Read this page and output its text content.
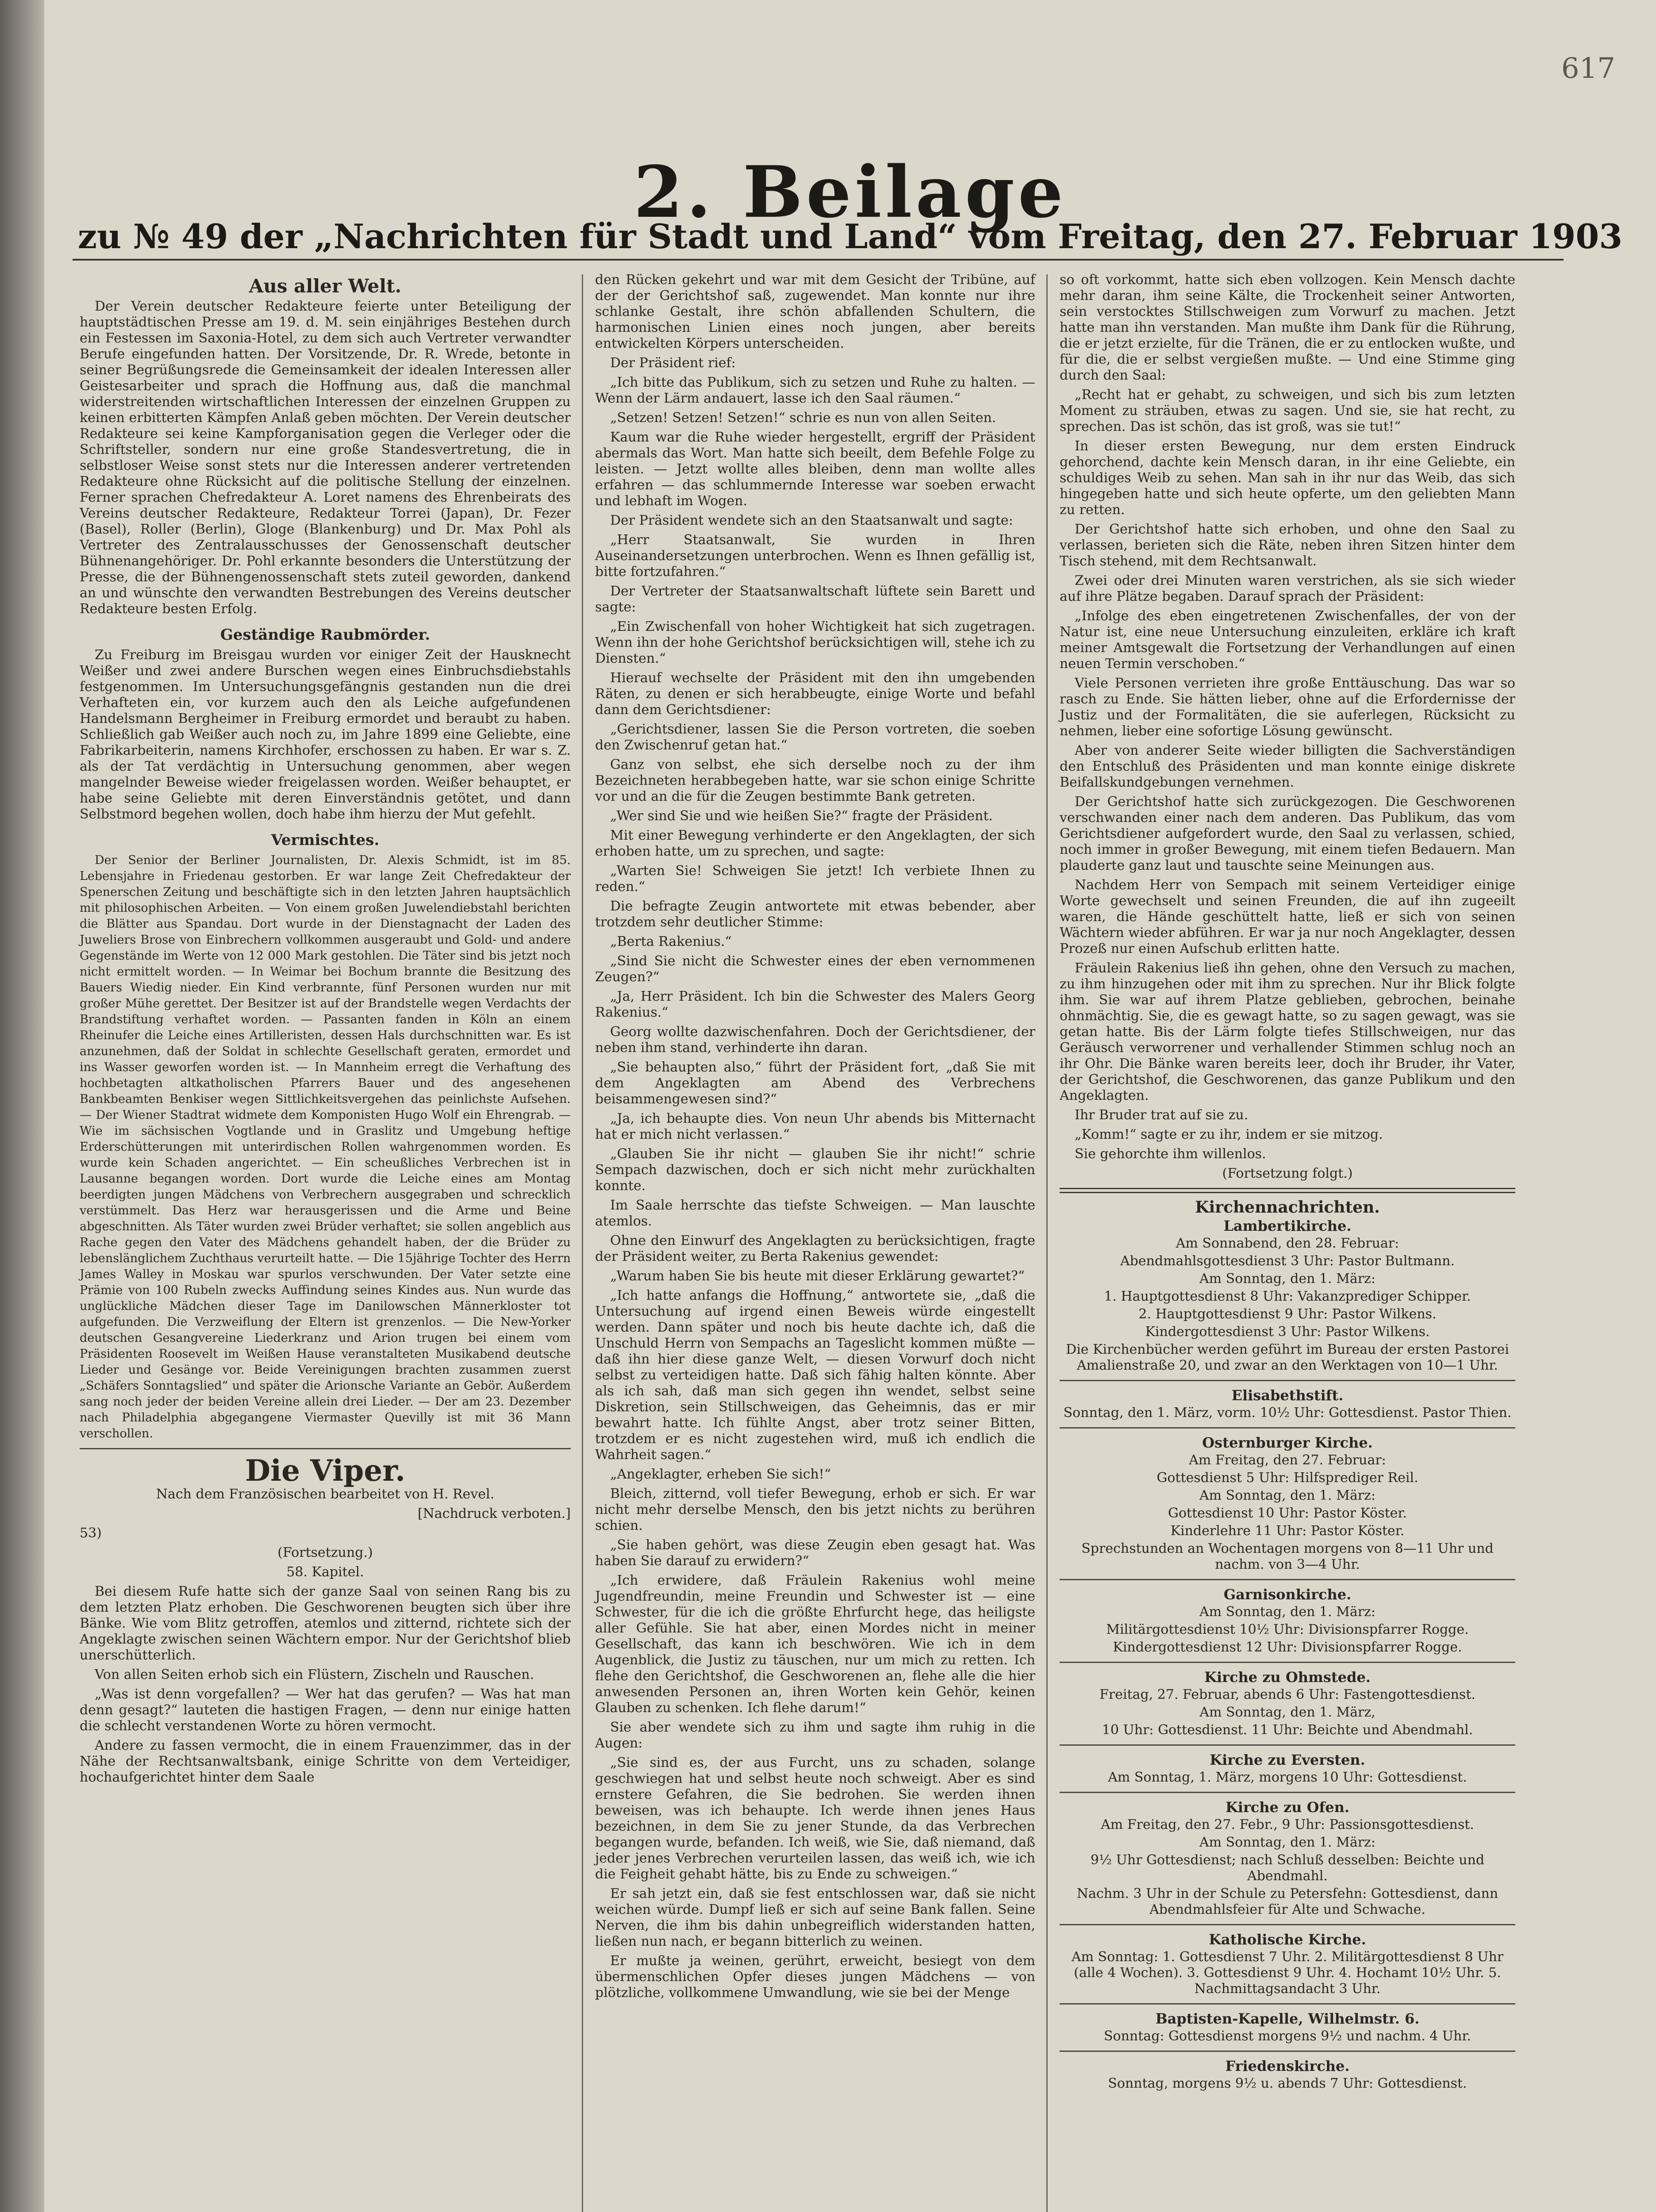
617
2. Beilage
zu № 49 der „Nachrichten für Stadt und Land“ vom Freitag, den 27. Februar 1903
Aus aller Welt.

Der Verein deutscher Redakteure feierte unter Beteiligung der hauptstädtischen Presse am 19. d. M. sein einjähriges Bestehen durch ein Festessen im Saxonia-Hotel, zu dem sich auch Vertreter verwandter Berufe eingefunden hatten. Der Vorsitzende, Dr. R. Wrede, betonte in seiner Begrüßungsrede die Gemeinsamkeit der idealen Interessen aller Geistesarbeiter und sprach die Hoffnung aus, daß die manchmal widerstreitenden wirtschaftlichen Interessen der einzelnen Gruppen zu keinen erbitterten Kämpfen Anlaß geben möchten. Der Verein deutscher Redakteure sei keine Kampforganisation gegen die Verleger oder die Schriftsteller, sondern nur eine große Standesvertretung, die in selbstloser Weise sonst stets nur die Interessen anderer vertretenden Redakteure ohne Rücksicht auf die politische Stellung der einzelnen. Ferner sprachen Chefredakteur A. Loret namens des Ehrenbeirats des Vereins deutscher Redakteure, Redakteur Torrei (Japan), Dr. Fezer (Basel), Roller (Berlin), Gloge (Blankenburg) und Dr. Max Pohl als Vertreter des Zentralausschusses der Genossenschaft deutscher Bühnenangehöriger. Dr. Pohl erkannte besonders die Unterstützung der Presse, die der Bühnengenossenschaft stets zuteil geworden, dankend an und wünschte den verwandten Bestrebungen des Vereins deutscher Redakteure besten Erfolg.

Geständige Raubmörder.

Zu Freiburg im Breisgau wurden vor einiger Zeit der Hausknecht Weißer und zwei andere Burschen wegen eines Einbruchsdiebstahls festgenommen. Im Untersuchungsgefängnis gestanden nun die drei Verhafteten ein, vor kurzem auch den als Leiche aufgefundenen Handelsmann Bergheimer in Freiburg ermordet und beraubt zu haben. Schließlich gab Weißer auch noch zu, im Jahre 1899 eine Geliebte, eine Fabrikarbeiterin, namens Kirchhofer, erschossen zu haben. Er war s. Z. als der Tat verdächtig in Untersuchung genommen, aber wegen mangelnder Beweise wieder freigelassen worden. Weißer behauptet, er habe seine Geliebte mit deren Einverständnis getötet, und dann Selbstmord begehen wollen, doch habe ihm hierzu der Mut gefehlt.

Vermischtes.

Der Senior der Berliner Journalisten, Dr. Alexis Schmidt, ist im 85. Lebensjahre in Friedenau gestorben. Er war lange Zeit Chefredakteur der Spenerschen Zeitung und beschäftigte sich in den letzten Jahren hauptsächlich mit philosophischen Arbeiten. — Von einem großen Juwelendiebstahl berichten die Blätter aus Spandau. Dort wurde in der Dienstagnacht der Laden des Juweliers Brose von Einbrechern vollkommen ausgeraubt und Gold- und andere Gegenstände im Werte von 12 000 Mark gestohlen. Die Täter sind bis jetzt noch nicht ermittelt worden. — In Weimar bei Bochum brannte die Besitzung des Bauers Wiedig nieder. Ein Kind verbrannte, fünf Personen wurden nur mit großer Mühe gerettet. Der Besitzer ist auf der Brandstelle wegen Verdachts der Brandstiftung verhaftet worden. — Passanten fanden in Köln an einem Rheinufer die Leiche eines Artilleristen, dessen Hals durchschnitten war. Es ist anzunehmen, daß der Soldat in schlechte Gesellschaft geraten, ermordet und ins Wasser geworfen worden ist. — In Mannheim erregt die Verhaftung des hochbetagten altkatholischen Pfarrers Bauer und des angesehenen Bankbeamten Benkiser wegen Sittlichkeitsvergehen das peinlichste Aufsehen. — Der Wiener Stadtrat widmete dem Komponisten Hugo Wolf ein Ehrengrab. — Wie im sächsischen Vogtlande und in Graslitz und Umgebung heftige Erderschütterungen mit unterirdischen Rollen wahrgenommen worden. Es wurde kein Schaden angerichtet. — Ein scheußliches Verbrechen ist in Lausanne begangen worden. Dort wurde die Leiche eines am Montag beerdigten jungen Mädchens von Verbrechern ausgegraben und schrecklich verstümmelt. Das Herz war herausgerissen und die Arme und Beine abgeschnitten. Als Täter wurden zwei Brüder verhaftet; sie sollen angeblich aus Rache gegen den Vater des Mädchens gehandelt haben, der die Brüder zu lebenslänglichem Zuchthaus verurteilt hatte. — Die 15jährige Tochter des Herrn James Walley in Moskau war spurlos verschwunden. Der Vater setzte eine Prämie von 100 Rubeln zwecks Auffindung seines Kindes aus. Nun wurde das unglückliche Mädchen dieser Tage im Danilowschen Männerkloster tot aufgefunden. Die Verzweiflung der Eltern ist grenzenlos. — Die New-Yorker deutschen Gesangvereine Liederkranz und Arion trugen bei einem vom Präsidenten Roosevelt im Weißen Hause veranstalteten Musikabend deutsche Lieder und Gesänge vor. Beide Vereinigungen brachten zusammen zuerst „Schäfers Sonntagslied“ und später die Arionsche Variante an Gebör. Außerdem sang noch jeder der beiden Vereine allein drei Lieder. — Der am 23. Dezember nach Philadelphia abgegangene Viermaster Quevilly ist mit 36 Mann verschollen.

Die Viper.

Nach dem Französischen bearbeitet von H. Revel.

[Nachdruck verboten.]

53)

(Fortsetzung.)

58. Kapitel.

Bei diesem Rufe hatte sich der ganze Saal von seinen Rang bis zu dem letzten Platz erhoben. Die Geschworenen beugten sich über ihre Bänke. Wie vom Blitz getroffen, atemlos und zitternd, richtete sich der Angeklagte zwischen seinen Wächtern empor. Nur der Gerichtshof blieb unerschütterlich.

Von allen Seiten erhob sich ein Flüstern, Zischeln und Rauschen.

„Was ist denn vorgefallen? — Wer hat das gerufen? — Was hat man denn gesagt?“ lauteten die hastigen Fragen, — denn nur einige hatten die schlecht verstandenen Worte zu hören vermocht.

Andere zu fassen vermocht, die in einem Frauenzimmer, das in der Nähe der Rechtsanwaltsbank, einige Schritte von dem Verteidiger, hochaufgerichtet hinter dem Saale

den Rücken gekehrt und war mit dem Gesicht der Tribüne, auf der der Gerichtshof saß, zugewendet. Man konnte nur ihre schlanke Gestalt, ihre schön abfallenden Schultern, die harmonischen Linien eines noch jungen, aber bereits entwickelten Körpers unterscheiden.

Der Präsident rief:

„Ich bitte das Publikum, sich zu setzen und Ruhe zu halten. — Wenn der Lärm andauert, lasse ich den Saal räumen.“

„Setzen! Setzen! Setzen!“ schrie es nun von allen Seiten.

Kaum war die Ruhe wieder hergestellt, ergriff der Präsident abermals das Wort. Man hatte sich beeilt, dem Befehle Folge zu leisten. — Jetzt wollte alles bleiben, denn man wollte alles erfahren — das schlummernde Interesse war soeben erwacht und lebhaft im Wogen.

Der Präsident wendete sich an den Staatsanwalt und sagte:

„Herr Staatsanwalt, Sie wurden in Ihren Auseinandersetzungen unterbrochen. Wenn es Ihnen gefällig ist, bitte fortzufahren.“

Der Vertreter der Staatsanwaltschaft lüftete sein Barett und sagte:

„Ein Zwischenfall von hoher Wichtigkeit hat sich zugetragen. Wenn ihn der hohe Gerichtshof berücksichtigen will, stehe ich zu Diensten.“

Hierauf wechselte der Präsident mit den ihn umgebenden Räten, zu denen er sich herabbeugte, einige Worte und befahl dann dem Gerichtsdiener:

„Gerichtsdiener, lassen Sie die Person vortreten, die soeben den Zwischenruf getan hat.“

Ganz von selbst, ehe sich derselbe noch zu der ihm Bezeichneten herabbegeben hatte, war sie schon einige Schritte vor und an die für die Zeugen bestimmte Bank getreten.

„Wer sind Sie und wie heißen Sie?“ fragte der Präsident.

Mit einer Bewegung verhinderte er den Angeklagten, der sich erhoben hatte, um zu sprechen, und sagte:

„Warten Sie! Schweigen Sie jetzt! Ich verbiete Ihnen zu reden.“

Die befragte Zeugin antwortete mit etwas bebender, aber trotzdem sehr deutlicher Stimme:

„Berta Rakenius.“

„Sind Sie nicht die Schwester eines der eben vernommenen Zeugen?“

„Ja, Herr Präsident. Ich bin die Schwester des Malers Georg Rakenius.“

Georg wollte dazwischenfahren. Doch der Gerichtsdiener, der neben ihm stand, verhinderte ihn daran.

„Sie behaupten also,“ führt der Präsident fort, „daß Sie mit dem Angeklagten am Abend des Verbrechens beisammengewesen sind?“

„Ja, ich behaupte dies. Von neun Uhr abends bis Mitternacht hat er mich nicht verlassen.“

„Glauben Sie ihr nicht — glauben Sie ihr nicht!“ schrie Sempach dazwischen, doch er sich nicht mehr zurückhalten konnte.

Im Saale herrschte das tiefste Schweigen. — Man lauschte atemlos.

Ohne den Einwurf des Angeklagten zu berücksichtigen, fragte der Präsident weiter, zu Berta Rakenius gewendet:

„Warum haben Sie bis heute mit dieser Erklärung gewartet?“

„Ich hatte anfangs die Hoffnung,“ antwortete sie, „daß die Untersuchung auf irgend einen Beweis würde eingestellt werden. Dann später und noch bis heute dachte ich, daß die Unschuld Herrn von Sempachs an Tageslicht kommen müßte — daß ihn hier diese ganze Welt, — diesen Vorwurf doch nicht selbst zu verteidigen hatte. Daß sich fähig halten könnte. Aber als ich sah, daß man sich gegen ihn wendet, selbst seine Diskretion, sein Stillschweigen, das Geheimnis, das er mir bewahrt hatte. Ich fühlte Angst, aber trotz seiner Bitten, trotzdem er es nicht zugestehen wird, muß ich endlich die Wahrheit sagen.“

„Angeklagter, erheben Sie sich!“

Bleich, zitternd, voll tiefer Bewegung, erhob er sich. Er war nicht mehr derselbe Mensch, den bis jetzt nichts zu berühren schien.

„Sie haben gehört, was diese Zeugin eben gesagt hat. Was haben Sie darauf zu erwidern?“

„Ich erwidere, daß Fräulein Rakenius wohl meine Jugendfreundin, meine Freundin und Schwester ist — eine Schwester, für die ich die größte Ehrfurcht hege, das heiligste aller Gefühle. Sie hat aber, einen Mordes nicht in meiner Gesellschaft, das kann ich beschwören. Wie ich in dem Augenblick, die Justiz zu täuschen, nur um mich zu retten. Ich flehe den Gerichtshof, die Geschworenen an, flehe alle die hier anwesenden Personen an, ihren Worten kein Gehör, keinen Glauben zu schenken. Ich flehe darum!“

Sie aber wendete sich zu ihm und sagte ihm ruhig in die Augen:

„Sie sind es, der aus Furcht, uns zu schaden, solange geschwiegen hat und selbst heute noch schweigt. Aber es sind ernstere Gefahren, die Sie bedrohen. Sie werden ihnen beweisen, was ich behaupte. Ich werde ihnen jenes Haus bezeichnen, in dem Sie zu jener Stunde, da das Verbrechen begangen wurde, befanden. Ich weiß, wie Sie, daß niemand, daß jeder jenes Verbrechen verurteilen lassen, das weiß ich, wie ich die Feigheit gehabt hätte, bis zu Ende zu schweigen.“

Er sah jetzt ein, daß sie fest entschlossen war, daß sie nicht weichen würde. Dumpf ließ er sich auf seine Bank fallen. Seine Nerven, die ihm bis dahin unbegreiflich widerstanden hatten, ließen nun nach, er begann bitterlich zu weinen.

Er mußte ja weinen, gerührt, erweicht, besiegt von dem übermenschlichen Opfer dieses jungen Mädchens — von plötzliche, vollkommene Umwandlung, wie sie bei der Menge

so oft vorkommt, hatte sich eben vollzogen. Kein Mensch dachte mehr daran, ihm seine Kälte, die Trockenheit seiner Antworten, sein verstocktes Stillschweigen zum Vorwurf zu machen. Jetzt hatte man ihn verstanden. Man mußte ihm Dank für die Rührung, die er jetzt erzielte, für die Tränen, die er zu entlocken wußte, und für die, die er selbst vergießen mußte. — Und eine Stimme ging durch den Saal:

„Recht hat er gehabt, zu schweigen, und sich bis zum letzten Moment zu sträuben, etwas zu sagen. Und sie, sie hat recht, zu sprechen. Das ist schön, das ist groß, was sie tut!“

In dieser ersten Bewegung, nur dem ersten Eindruck gehorchend, dachte kein Mensch daran, in ihr eine Geliebte, ein schuldiges Weib zu sehen. Man sah in ihr nur das Weib, das sich hingegeben hatte und sich heute opferte, um den geliebten Mann zu retten.

Der Gerichtshof hatte sich erhoben, und ohne den Saal zu verlassen, berieten sich die Räte, neben ihren Sitzen hinter dem Tisch stehend, mit dem Rechtsanwalt.

Zwei oder drei Minuten waren verstrichen, als sie sich wieder auf ihre Plätze begaben. Darauf sprach der Präsident:

„Infolge des eben eingetretenen Zwischenfalles, der von der Natur ist, eine neue Untersuchung einzuleiten, erkläre ich kraft meiner Amtsgewalt die Fortsetzung der Verhandlungen auf einen neuen Termin verschoben.“

Viele Personen verrieten ihre große Enttäuschung. Das war so rasch zu Ende. Sie hätten lieber, ohne auf die Erfordernisse der Justiz und der Formalitäten, die sie auferlegen, Rücksicht zu nehmen, lieber eine sofortige Lösung gewünscht.

Aber von anderer Seite wieder billigten die Sachverständigen den Entschluß des Präsidenten und man konnte einige diskrete Beifallskundgebungen vernehmen.

Der Gerichtshof hatte sich zurückgezogen. Die Geschworenen verschwanden einer nach dem anderen. Das Publikum, das vom Gerichtsdiener aufgefordert wurde, den Saal zu verlassen, schied, noch immer in großer Bewegung, mit einem tiefen Bedauern. Man plauderte ganz laut und tauschte seine Meinungen aus.

Nachdem Herr von Sempach mit seinem Verteidiger einige Worte gewechselt und seinen Freunden, die auf ihn zugeeilt waren, die Hände geschüttelt hatte, ließ er sich von seinen Wächtern wieder abführen. Er war ja nur noch Angeklagter, dessen Prozeß nur einen Aufschub erlitten hatte.

Fräulein Rakenius ließ ihn gehen, ohne den Versuch zu machen, zu ihm hinzugehen oder mit ihm zu sprechen. Nur ihr Blick folgte ihm. Sie war auf ihrem Platze geblieben, gebrochen, beinahe ohnmächtig. Sie, die es gewagt hatte, so zu sagen gewagt, was sie getan hatte. Bis der Lärm folgte tiefes Stillschweigen, nur das Geräusch verworrener und verhallender Stimmen schlug noch an ihr Ohr. Die Bänke waren bereits leer, doch ihr Bruder, ihr Vater, der Gerichtshof, die Geschworenen, das ganze Publikum und den Angeklagten.

Ihr Bruder trat auf sie zu.

„Komm!“ sagte er zu ihr, indem er sie mitzog.

Sie gehorchte ihm willenlos.

(Fortsetzung folgt.)

Kirchennachrichten.
Lambertikirche.

Am Sonnabend, den 28. Februar:

Abendmahlsgottesdienst 3 Uhr: Pastor Bultmann.

Am Sonntag, den 1. März:

1. Hauptgottesdienst 8 Uhr: Vakanzprediger Schipper.

2. Hauptgottesdienst 9 Uhr: Pastor Wilkens.

Kindergottesdienst 3 Uhr: Pastor Wilkens.

Die Kirchenbücher werden geführt im Bureau der ersten Pastorei Amalienstraße 20, und zwar an den Werktagen von 10—1 Uhr.

Elisabethstift.

Sonntag, den 1. März, vorm. 10½ Uhr: Gottesdienst. Pastor Thien.

Osternburger Kirche.

Am Freitag, den 27. Februar:

Gottesdienst 5 Uhr: Hilfsprediger Reil.

Am Sonntag, den 1. März:

Gottesdienst 10 Uhr: Pastor Köster.

Kinderlehre 11 Uhr: Pastor Köster.

Sprechstunden an Wochentagen morgens von 8—11 Uhr und nachm. von 3—4 Uhr.

Garnisonkirche.

Am Sonntag, den 1. März:

Militärgottesdienst 10½ Uhr: Divisionspfarrer Rogge.

Kindergottesdienst 12 Uhr: Divisionspfarrer Rogge.

Kirche zu Ohmstede.

Freitag, 27. Februar, abends 6 Uhr: Fastengottesdienst.

Am Sonntag, den 1. März,

10 Uhr: Gottesdienst. 11 Uhr: Beichte und Abendmahl.

Kirche zu Eversten.

Am Sonntag, 1. März, morgens 10 Uhr: Gottesdienst.

Kirche zu Ofen.

Am Freitag, den 27. Febr., 9 Uhr: Passionsgottesdienst.

Am Sonntag, den 1. März:

9½ Uhr Gottesdienst; nach Schluß desselben: Beichte und Abendmahl.

Nachm. 3 Uhr in der Schule zu Petersfehn: Gottesdienst, dann Abendmahlsfeier für Alte und Schwache.

Katholische Kirche.

Am Sonntag: 1. Gottesdienst 7 Uhr. 2. Militärgottesdienst 8 Uhr (alle 4 Wochen). 3. Gottesdienst 9 Uhr. 4. Hochamt 10½ Uhr. 5. Nachmittagsandacht 3 Uhr.

Baptisten-Kapelle, Wilhelmstr. 6.

Sonntag: Gottesdienst morgens 9½ und nachm. 4 Uhr.

Friedenskirche.

Sonntag, morgens 9½ u. abends 7 Uhr: Gottesdienst.
